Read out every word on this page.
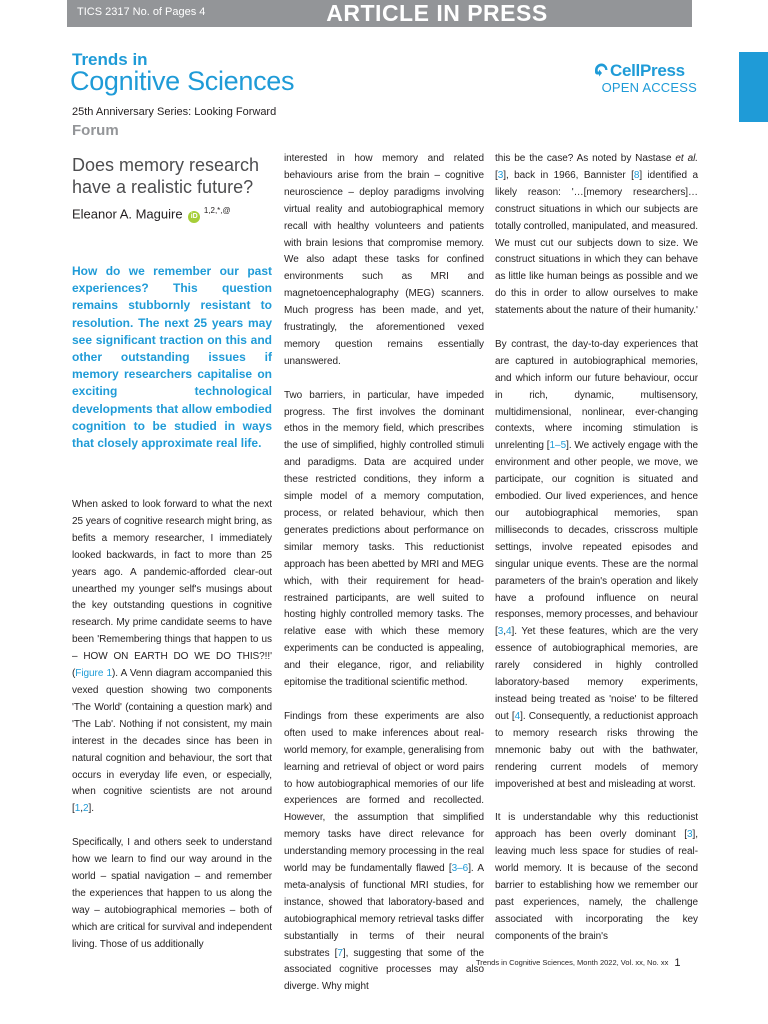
TICS 2317 No. of Pages 4	ARTICLE IN PRESS
Trends in
Cognitive Sciences	CellPress
OPEN ACCESS
25th Anniversary Series: Looking Forward
Forum
Does memory research have a realistic future?
Eleanor A. Maguire iD $^{1,2,*,@}$
How do we remember our past experiences? This question remains stubbornly resistant to resolution. The next 25 years may see significant traction on this and other outstanding issues if memory researchers capitalise on exciting technological developments that allow embodied cognition to be studied in ways that closely approximate real life.

When asked to look forward to what the next 25 years of cognitive research might bring, as befits a memory researcher, I immediately looked backwards, in fact to more than 25 years ago. A pandemic-afforded clear-out unearthed my younger self's musings about the key outstanding questions in cognitive research. My prime candidate seems to have been 'Remembering things that happen to us – HOW ON EARTH DO WE DO THIS?!!' (Figure 1). A Venn diagram accompanied this vexed question showing two components 'The World' (containing a question mark) and 'The Lab'. Nothing if not consistent, my main interest in the decades since has been in natural cognition and behaviour, the sort that occurs in everyday life even, or especially, when cognitive scientists are not around [1,2].

Specifically, I and others seek to understand how we learn to find our way around in the world – spatial navigation – and remember the experiences that happen to us along the way – autobiographical memories – both of which are critical for survival and independent living. Those of us additionally

interested in how memory and related behaviours arise from the brain – cognitive neuroscience – deploy paradigms involving virtual reality and autobiographical memory recall with healthy volunteers and patients with brain lesions that compromise memory. We also adapt these tasks for confined environments such as MRI and magnetoencephalography (MEG) scanners. Much progress has been made, and yet, frustratingly, the aforementioned vexed memory question remains essentially unanswered.

Two barriers, in particular, have impeded progress. The first involves the dominant ethos in the memory field, which prescribes the use of simplified, highly controlled stimuli and paradigms. Data are acquired under these restricted conditions, they inform a simple model of a memory computation, process, or related behaviour, which then generates predictions about performance on similar memory tasks. This reductionist approach has been abetted by MRI and MEG which, with their requirement for head-restrained participants, are well suited to hosting highly controlled memory tasks. The relative ease with which these memory experiments can be conducted is appealing, and their elegance, rigor, and reliability epitomise the traditional scientific method.

Findings from these experiments are also often used to make inferences about real-world memory, for example, generalising from learning and retrieval of object or word pairs to how autobiographical memories of our life experiences are formed and recollected. However, the assumption that simplified memory tasks have direct relevance for understanding memory processing in the real world may be fundamentally flawed [3–6]. A meta-analysis of functional MRI studies, for instance, showed that laboratory-based and autobiographical memory retrieval tasks differ substantially in terms of their neural substrates [7], suggesting that some of the associated cognitive processes may also diverge. Why might

this be the case? As noted by Nastase et al. [3], back in 1966, Bannister [8] identified a likely reason: '…[memory researchers]…construct situations in which our subjects are totally controlled, manipulated, and measured. We must cut our subjects down to size. We construct situations in which they can behave as little like human beings as possible and we do this in order to allow ourselves to make statements about the nature of their humanity.'

By contrast, the day-to-day experiences that are captured in autobiographical memories, and which inform our future behaviour, occur in rich, dynamic, multisensory, multidimensional, nonlinear, ever-changing contexts, where incoming stimulation is unrelenting [1–5]. We actively engage with the environment and other people, we move, we participate, our cognition is situated and embodied. Our lived experiences, and hence our autobiographical memories, span milliseconds to decades, crisscross multiple settings, involve repeated episodes and singular unique events. These are the normal parameters of the brain's operation and likely have a profound influence on neural responses, memory processes, and behaviour [3,4]. Yet these features, which are the very essence of autobiographical memories, are rarely considered in highly controlled laboratory-based memory experiments, instead being treated as 'noise' to be filtered out [4]. Consequently, a reductionist approach to memory research risks throwing the mnemonic baby out with the bathwater, rendering current models of memory impoverished at best and misleading at worst.

It is understandable why this reductionist approach has been overly dominant [3], leaving much less space for studies of real-world memory. It is because of the second barrier to establishing how we remember our past experiences, namely, the challenge associated with incorporating the key components of the brain's

Trends in Cognitive Sciences, Month 2022, Vol. xx, No. xx 1
